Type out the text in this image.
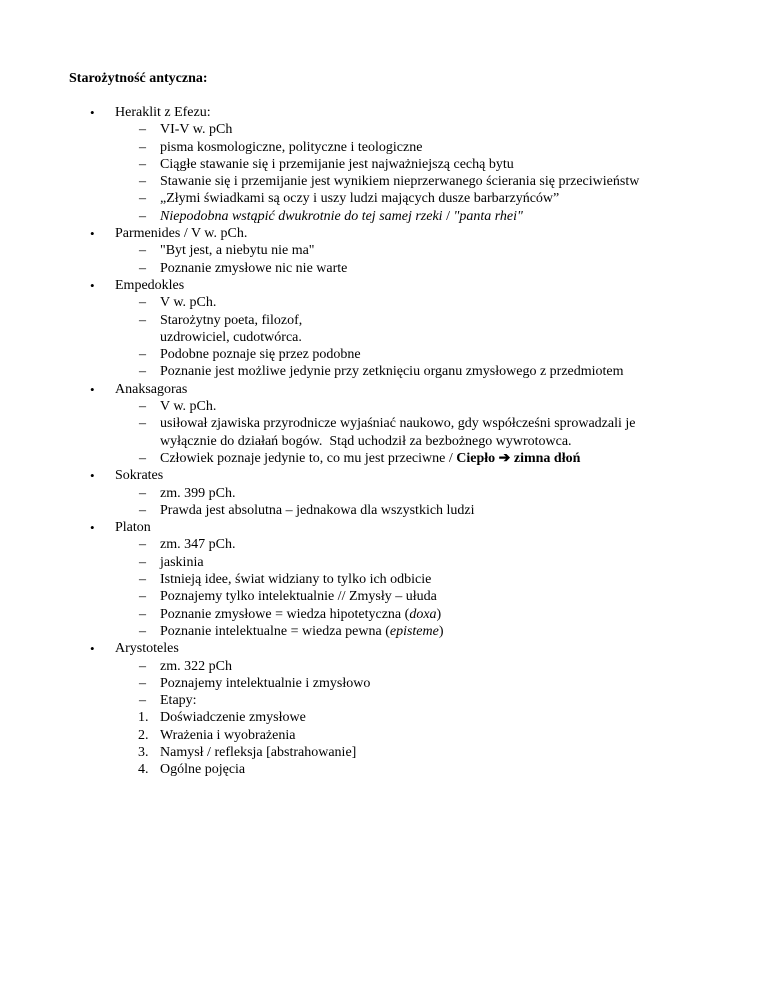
Starożytność antyczna:
• Heraklit z Efezu:
– VI-V w. pCh
– pisma kosmologiczne, polityczne i teologiczne
– Ciągłe stawanie się i przemijanie jest najważniejszą cechą bytu
– Stawanie się i przemijanie jest wynikiem nieprzerwanego ścierania się przeciwieństw
– „Złymi świadkami są oczy i uszy ludzi mających dusze barbarzyńców”
– Niepodobna wstąpić dwukrotnie do tej samej rzeki / "panta rhei"
• Parmenides / V w. pCh.
– "Byt jest, a niebytu nie ma"
– Poznanie zmysłowe nic nie warte
• Empedokles
– V w. pCh.
– Starożytny poeta, filozof,
uzdrowiciel, cudotwórca.
– Podobne poznaje się przez podobne
– Poznanie jest możliwe jedynie przy zetknięciu organu zmysłowego z przedmiotem
• Anaksagoras
– V w. pCh.
– usiłował zjawiska przyrodnicze wyjaśniać naukowo, gdy współcześni sprowadzali je wyłącznie do działań bogów.  Stąd uchodził za bezbożnego wywrotowca.
– Człowiek poznaje jedynie to, co mu jest przeciwne / Ciepło ➔ zimna dłoń
• Sokrates
– zm. 399 pCh.
– Prawda jest absolutna – jednakowa dla wszystkich ludzi
• Platon
– zm. 347 pCh.
– jaskinia
– Istnieją idee, świat widziany to tylko ich odbicie
– Poznajemy tylko intelektualnie // Zmysły – ułuda
– Poznanie zmysłowe = wiedza hipotetyczna (doxa)
– Poznanie intelektualne = wiedza pewna (episteme)
• Arystoteles
– zm. 322 pCh
– Poznajemy intelektualnie i zmysłowo
– Etapy:
1. Doświadczenie zmysłowe
2. Wrażenia i wyobrażenia
3. Namysł / refleksja [abstrahowanie]
4. Ogólne pojęcia
